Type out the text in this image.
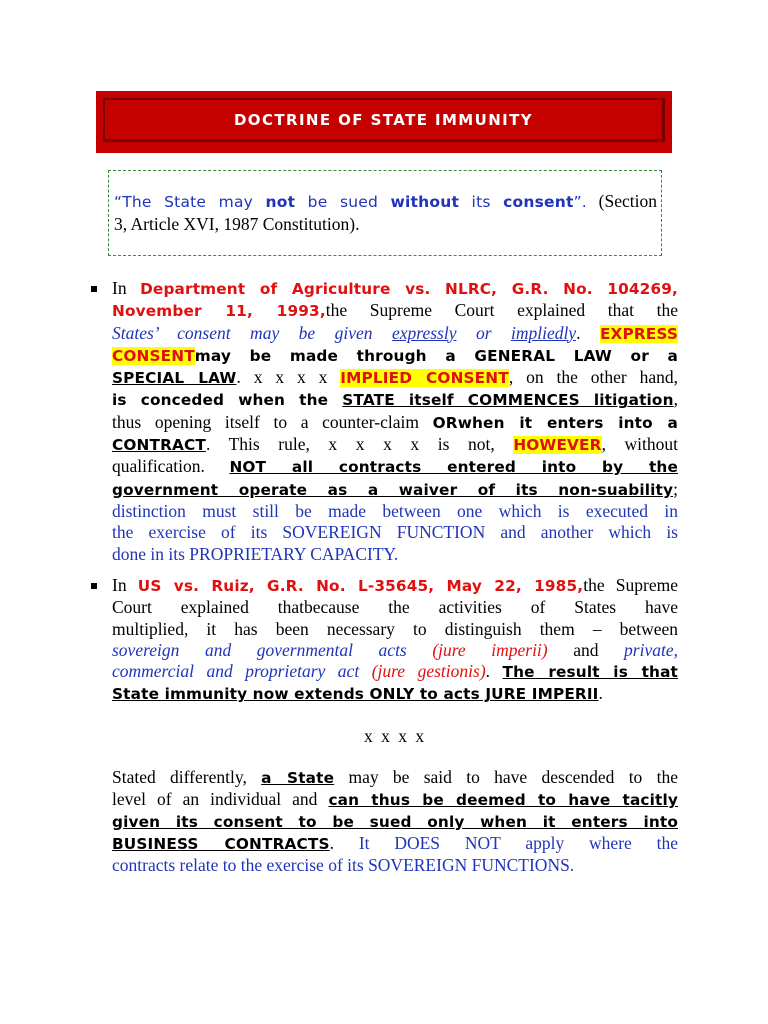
DOCTRINE OF STATE IMMUNITY
“The State may not be sued without its consent”. (Section
3, Article XVI, 1987 Constitution).
In Department of Agriculture vs. NLRC, G.R. No. 104269,
November 11, 1993,the Supreme Court explained that the
States’ consent may be given expressly or impliedly. EXPRESS
CONSENTmay be made through a GENERAL LAW or a
SPECIAL LAW. x x x x IMPLIED CONSENT, on the other hand,
is conceded when the STATE itself COMMENCES litigation,
thus opening itself to a counter-claim ORwhen it enters into a
CONTRACT. This rule, x x x x is not, HOWEVER, without
qualification. NOT all contracts entered into by the
government operate as a waiver of its non-suability;
distinction must still be made between one which is executed in
the exercise of its SOVEREIGN FUNCTION and another which is
done in its PROPRIETARY CAPACITY.
In US vs. Ruiz, G.R. No. L-35645, May 22, 1985,the Supreme
Court explained thatbecause the activities of States have
multiplied, it has been necessary to distinguish them – between
sovereign and governmental acts (jure imperii) and private,
commercial and proprietary act (jure gestionis). The result is that
State immunity now extends ONLY to acts JURE IMPERII.
x x x x
Stated differently, a State may be said to have descended to the
level of an individual and can thus be deemed to have tacitly
given its consent to be sued only when it enters into
BUSINESS CONTRACTS. It DOES NOT apply where the
contracts relate to the exercise of its SOVEREIGN FUNCTIONS.
